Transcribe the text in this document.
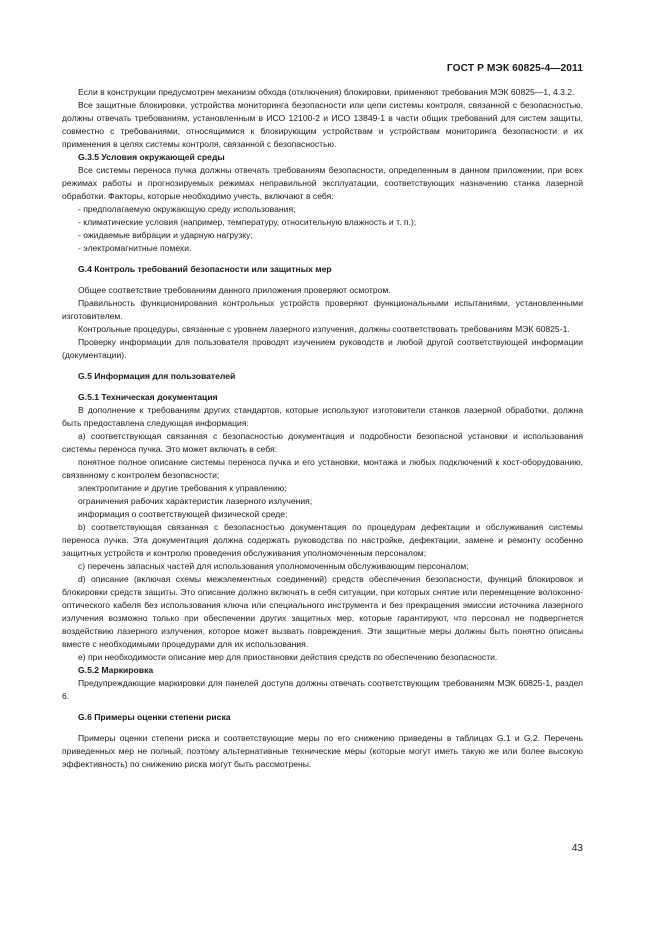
ГОСТ Р МЭК 60825-4—2011

Если в конструкции предусмотрен механизм обхода (отключения) блокировки, применяют требования МЭК 60825—1, 4.3.2.

Все защитные блокировки, устройства мониторинга безопасности или цепи системы контроля, связанной с безопасностью, должны отвечать требованиям, установленным в ИСО 12100-2 и ИСО 13849-1 в части общих требований для систем защиты, совместно с требованиями, относящимися к блокирующим устройствам и устройствам мониторинга безопасности и их применения в целях системы контроля, связанной с безопасностью.

G.3.5 Условия окружающей среды

Все системы переноса пучка должны отвечать требованиям безопасности, определенным в данном приложении, при всех режимах работы и прогнозируемых режимах неправильной эксплуатации, соответствующих назначению станка лазерной обработки. Факторы, которые необходимо учесть, включают в себя:

- предполагаемую окружающую среду использования;
- климатические условия (например, температуру, относительную влажность и т. п.);
- ожидаемые вибрации и ударную нагрузку;
- электромагнитные помехи.
G.4 Контроль требований безопасности или защитных мер

Общее соответствие требованиям данного приложения проверяют осмотром.

Правильность функционирования контрольных устройств проверяют функциональными испытаниями, установленными изготовителем.

Контрольные процедуры, связанные с уровнем лазерного излучения, должны соответствовать требованиям МЭК 60825-1.

Проверку информации для пользователя проводят изучением руководств и любой другой соответствующей информации (документации).

G.5 Информация для пользователей
G.5.1 Техническая документация

В дополнение к требованиям других стандартов, которые используют изготовители станков лазерной обработки, должна быть предоставлена следующая информация:

а) соответствующая связанная с безопасностью документация и подробности безопасной установки и использования системы переноса пучка. Это может включать в себя:

понятное полное описание системы переноса пучка и его установки, монтажа и любых подключений к хост-оборудованию, связанному с контролем безопасности;

электропитание и другие требования к управлению;

ограничения рабочих характеристик лазерного излучения;

информация о соответствующей физической среде;

b) соответствующая связанная с безопасностью документация по процедурам дефектации и обслуживания системы переноса пучка. Эта документация должна содержать руководства по настройке, дефектации, замене и ремонту особенно защитных устройств и контролю проведения обслуживания уполномоченным персоналом;

с) перечень запасных частей для использования уполномоченным обслуживающим персоналом;

d) описание (включая схемы межэлементных соединений) средств обеспечения безопасности, функций блокировок и блокировки средств защиты. Это описание должно включать в себя ситуации, при которых снятие или перемещение волоконно-оптического кабеля без использования ключа или специального инструмента и без прекращения эмиссии источника лазерного излучения возможно только при обеспечении других защитных мер, которые гарантируют, что персонал не подвергнется воздействию лазерного излучения, которое может вызвать повреждения. Эти защитные меры должны быть понятно описаны вместе с необходимыми процедурами для их использования.

е) при необходимости описание мер для приостановки действия средств по обеспечению безопасности.

G.5.2 Маркировка

Предупреждающие маркировки для панелей доступа должны отвечать соответствующим требованиям МЭК 60825-1, раздел 6.

G.6 Примеры оценки степени риска

Примеры оценки степени риска и соответствующие меры по его снижению приведены в таблицах G.1 и G.2. Перечень приведенных мер не полный, поэтому альтернативные технические меры (которые могут иметь такую же или более высокую эффективность) по снижению риска могут быть рассмотрены.

43
